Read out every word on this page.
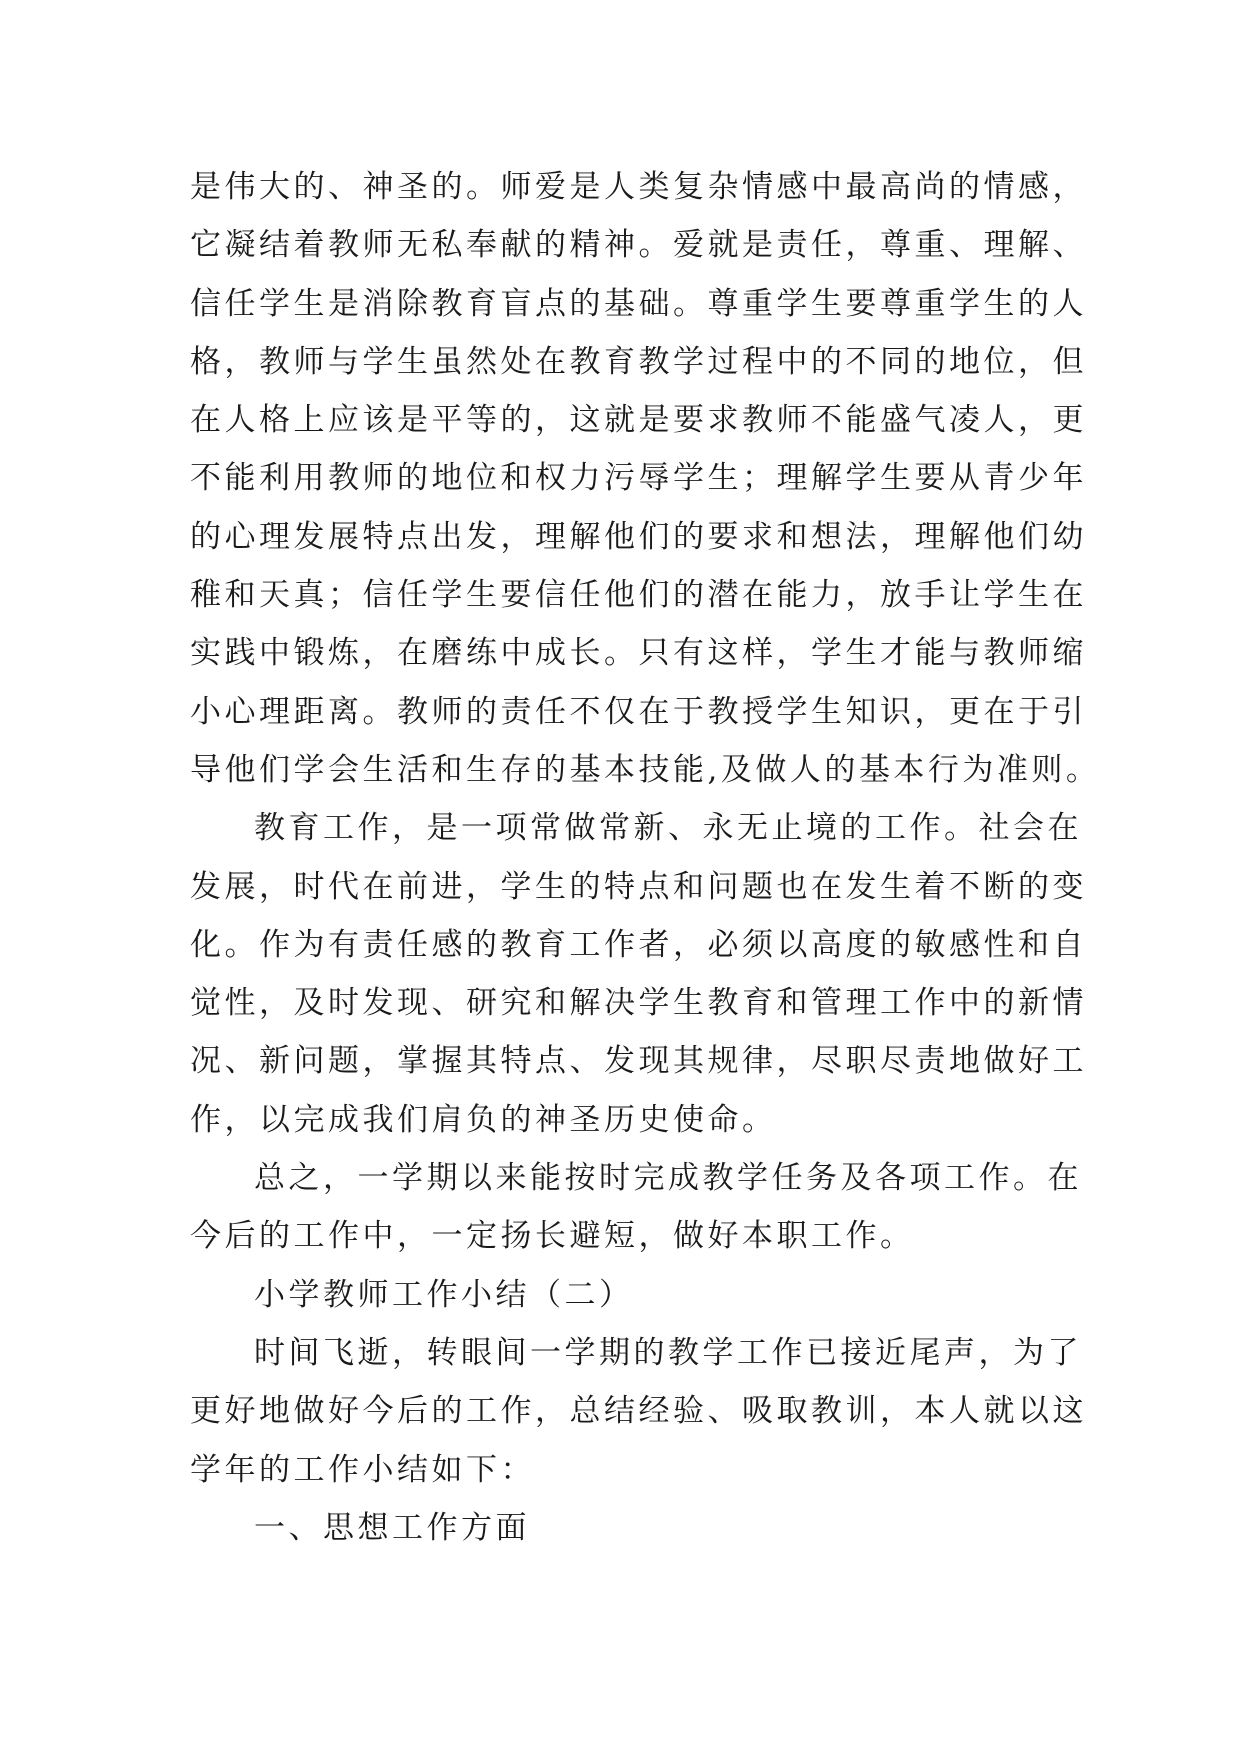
是伟大的、神圣的。师爱是人类复杂情感中最高尚的情感，
它凝结着教师无私奉献的精神。爱就是责任，尊重、理解、
信任学生是消除教育盲点的基础。尊重学生要尊重学生的人
格，教师与学生虽然处在教育教学过程中的不同的地位，但
在人格上应该是平等的，这就是要求教师不能盛气凌人，更
不能利用教师的地位和权力污辱学生；理解学生要从青少年
的心理发展特点出发，理解他们的要求和想法，理解他们幼
稚和天真；信任学生要信任他们的潜在能力，放手让学生在
实践中锻炼，在磨练中成长。只有这样，学生才能与教师缩
小心理距离。教师的责任不仅在于教授学生知识，更在于引
导他们学会生活和生存的基本技能,及做人的基本行为准则。
教育工作，是一项常做常新、永无止境的工作。社会在
发展，时代在前进，学生的特点和问题也在发生着不断的变
化。作为有责任感的教育工作者，必须以高度的敏感性和自
觉性，及时发现、研究和解决学生教育和管理工作中的新情
况、新问题，掌握其特点、发现其规律，尽职尽责地做好工
作，以完成我们肩负的神圣历史使命。
总之，一学期以来能按时完成教学任务及各项工作。在
今后的工作中，一定扬长避短，做好本职工作。
小学教师工作小结（二）
时间飞逝，转眼间一学期的教学工作已接近尾声，为了
更好地做好今后的工作，总结经验、吸取教训，本人就以这
学年的工作小结如下：
一、思想工作方面
